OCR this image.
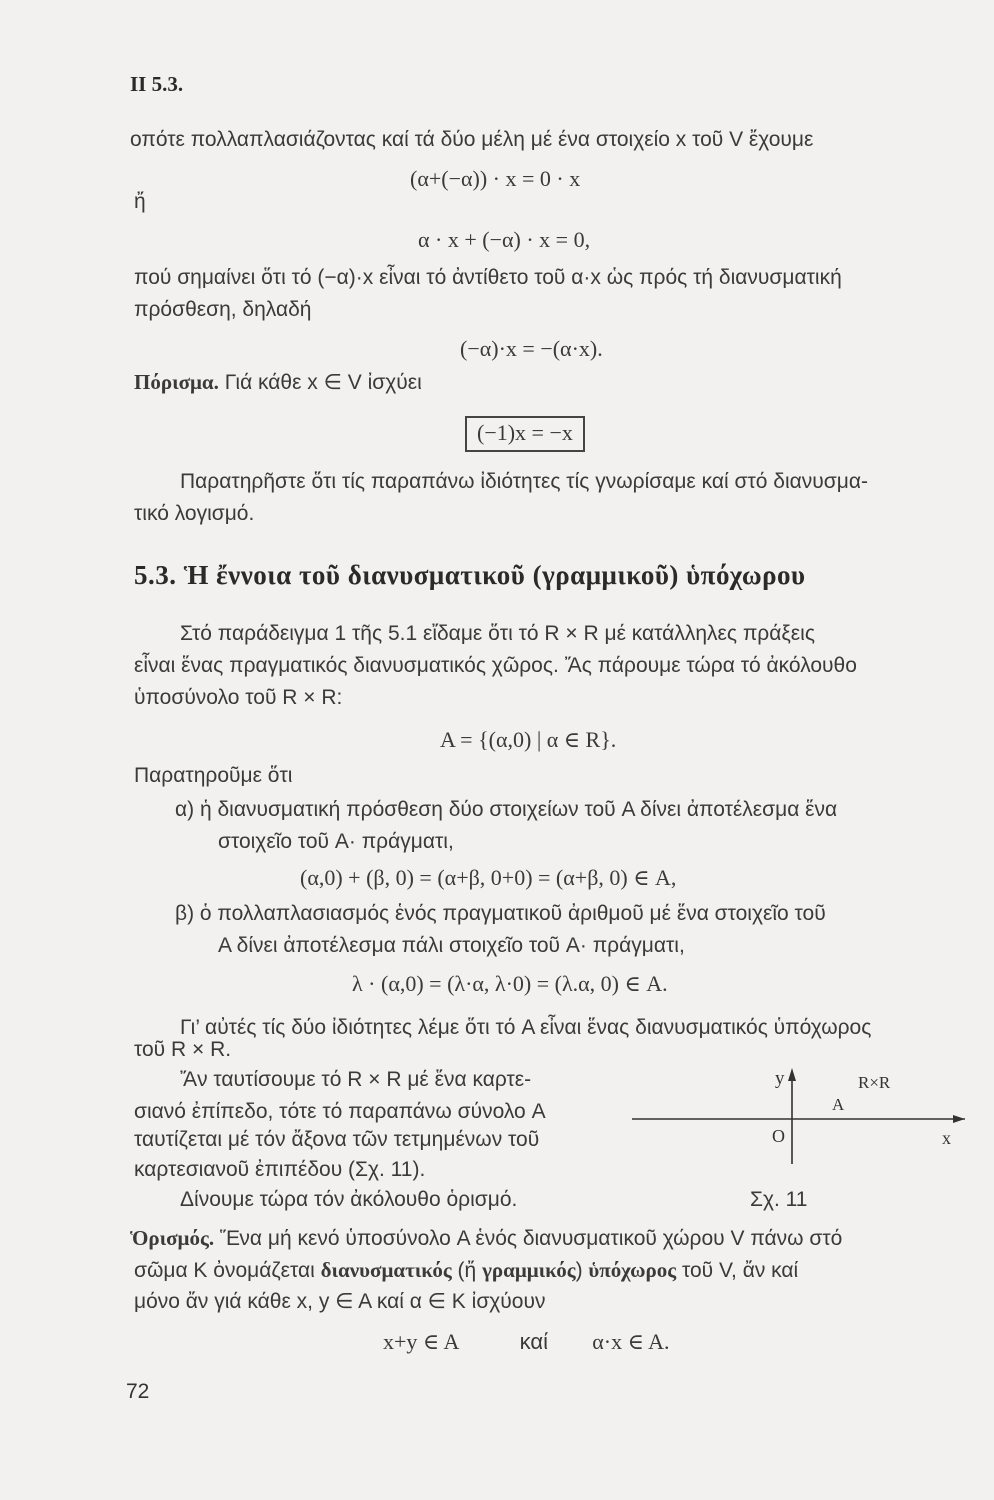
II 5.3.
οπότε πολλαπλασιάζοντας καί τά δύο μέλη μέ ένα στοιχείο x τοῦ V ἔχουμε
(α+(−α)) · x = 0 · x
ἤ
α · x + (−α) · x = 0,
πού σημαίνει ὅτι τό (−α)·x εἶναι τό ἀντίθετο τοῦ α·x ὡς πρός τή διανυσματική
πρόσθεση, δηλαδή
(−α)·x = −(α·x).
Πόρισμα. Γιά κάθε x ∈ V ἰσχύει
(−1)x = −x
Παρατηρῆστε ὅτι τίς παραπάνω ἰδιότητες τίς γνωρίσαμε καί στό διανυσμα-
τικό λογισμό.
5.3. Ἡ ἔννοια τοῦ διανυσματικοῦ (γραμμικοῦ) ὑπόχωρου
Στό παράδειγμα 1 τῆς 5.1 εἴδαμε ὅτι τό R × R μέ κατάλληλες πράξεις
εἶναι ἕνας πραγματικός διανυσματικός χῶρος. Ἄς πάρουμε τώρα τό ἀκόλουθο
ὑποσύνολο τοῦ R × R:
A = {(α,0) | α ∈ R}.
Παρατηροῦμε ὅτι
α) ἡ διανυσματική πρόσθεση δύο στοιχείων τοῦ A δίνει ἀποτέλεσμα ἕνα
στοιχεῖο τοῦ A· πράγματι,
(α,0) + (β, 0) = (α+β, 0+0) = (α+β, 0) ∈ A,
β) ὁ πολλαπλασιασμός ἑνός πραγματικοῦ ἀριθμοῦ μέ ἕνα στοιχεῖο τοῦ
A δίνει ἀποτέλεσμα πάλι στοιχεῖο τοῦ A· πράγματι,
λ · (α,0) = (λ·α, λ·0) = (λ.α, 0) ∈ A.
Γι’ αὐτές τίς δύο ἰδιότητες λέμε ὅτι τό A εἶναι ἕνας διανυσματικός ὑπόχωρος
τοῦ R × R.
Ἄν ταυτίσουμε τό R × R μέ ἕνα καρτε-
σιανό ἐπίπεδο, τότε τό παραπάνω σύνολο A
ταυτίζεται μέ τόν ἄξονα τῶν τετμημένων τοῦ
καρτεσιανοῦ ἐπιπέδου (Σχ. 11).
Δίνουμε τώρα τόν ἀκόλουθο ὁρισμό.
y	R×R
A
O	x
Σχ. 11
Ὁρισμός. Ἕνα μή κενό ὑποσύνολο A ἑνός διανυσματικοῦ χώρου V πάνω στό
σῶμα K ὀνομάζεται διανυσματικός (ἤ γραμμικός) ὑπόχωρος τοῦ V, ἄν καί
μόνο ἄν γιά κάθε x, y ∈ A καί α ∈ K ἰσχύουν
x+y ∈ A	καί α·x ∈ A.
72
